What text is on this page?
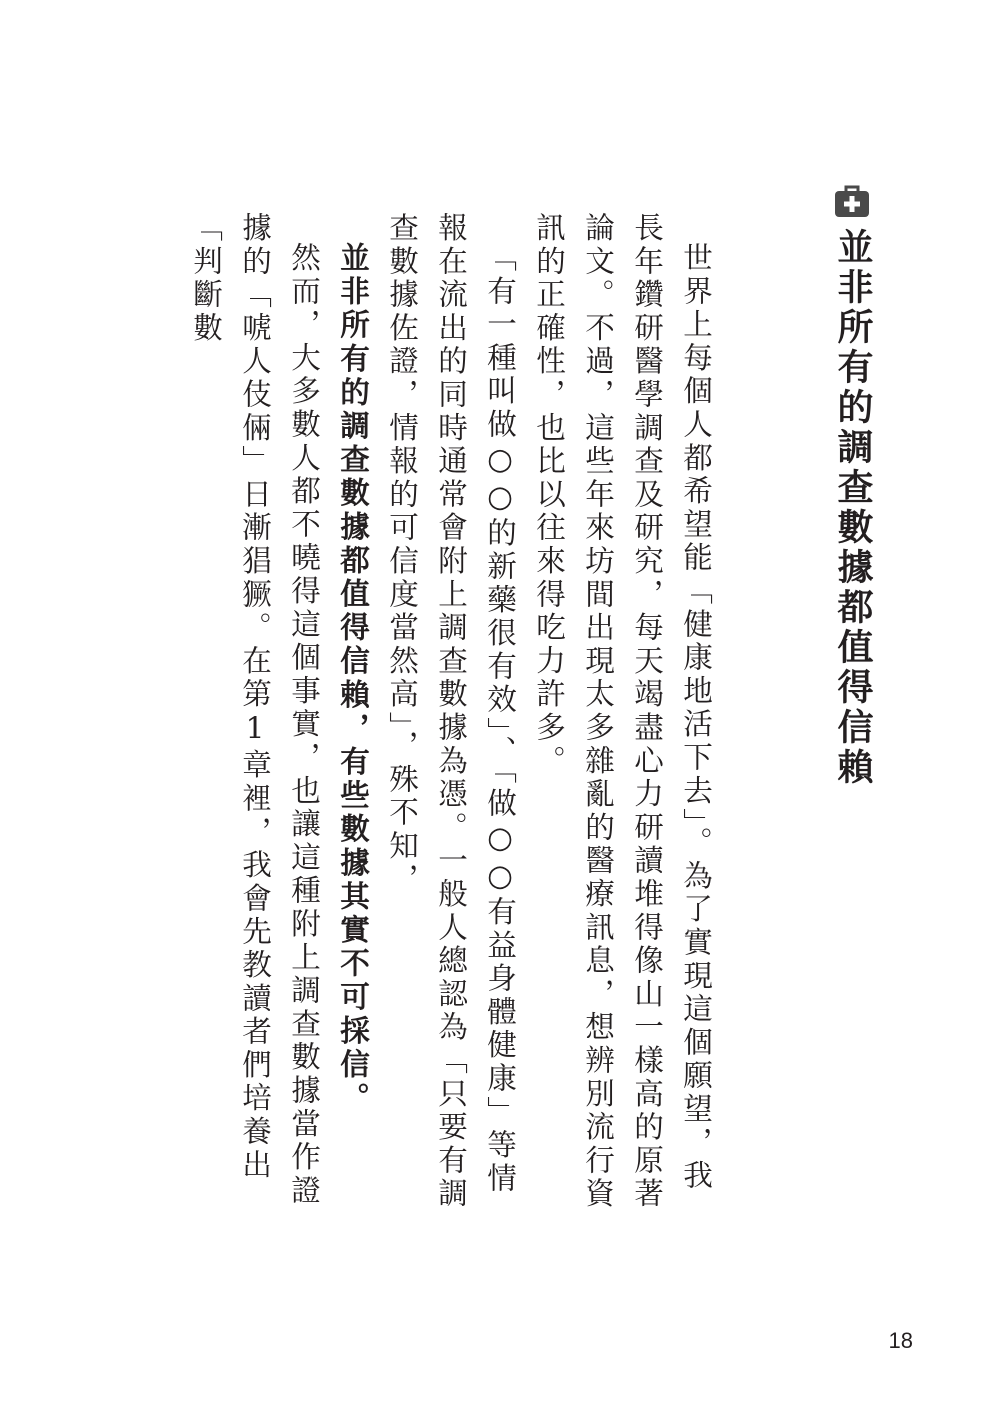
並非所有的調查數據都值得信賴

世界上每個人都希望能「健康地活下去」。為了實現這個願望，我長年鑽研醫學調查及研究，每天竭盡心力研讀堆得像山一樣高的原著論文。不過，這些年來坊間出現太多雜亂的醫療訊息，想辨別流行資訊的正確性，也比以往來得吃力許多。

「有一種叫做○○的新藥很有效」、「做○○有益身體健康」等情報在流出的同時通常會附上調查數據為憑。一般人總認為「只要有調查數據佐證，情報的可信度當然高」，殊不知，

並非所有的調查數據都值得信賴，有些數據其實不可採信。

然而，大多數人都不曉得這個事實，也讓這種附上調查數據當作證據的「唬人伎倆」日漸猖獗。在第1章裡，我會先教讀者們培養出「判斷數

18
